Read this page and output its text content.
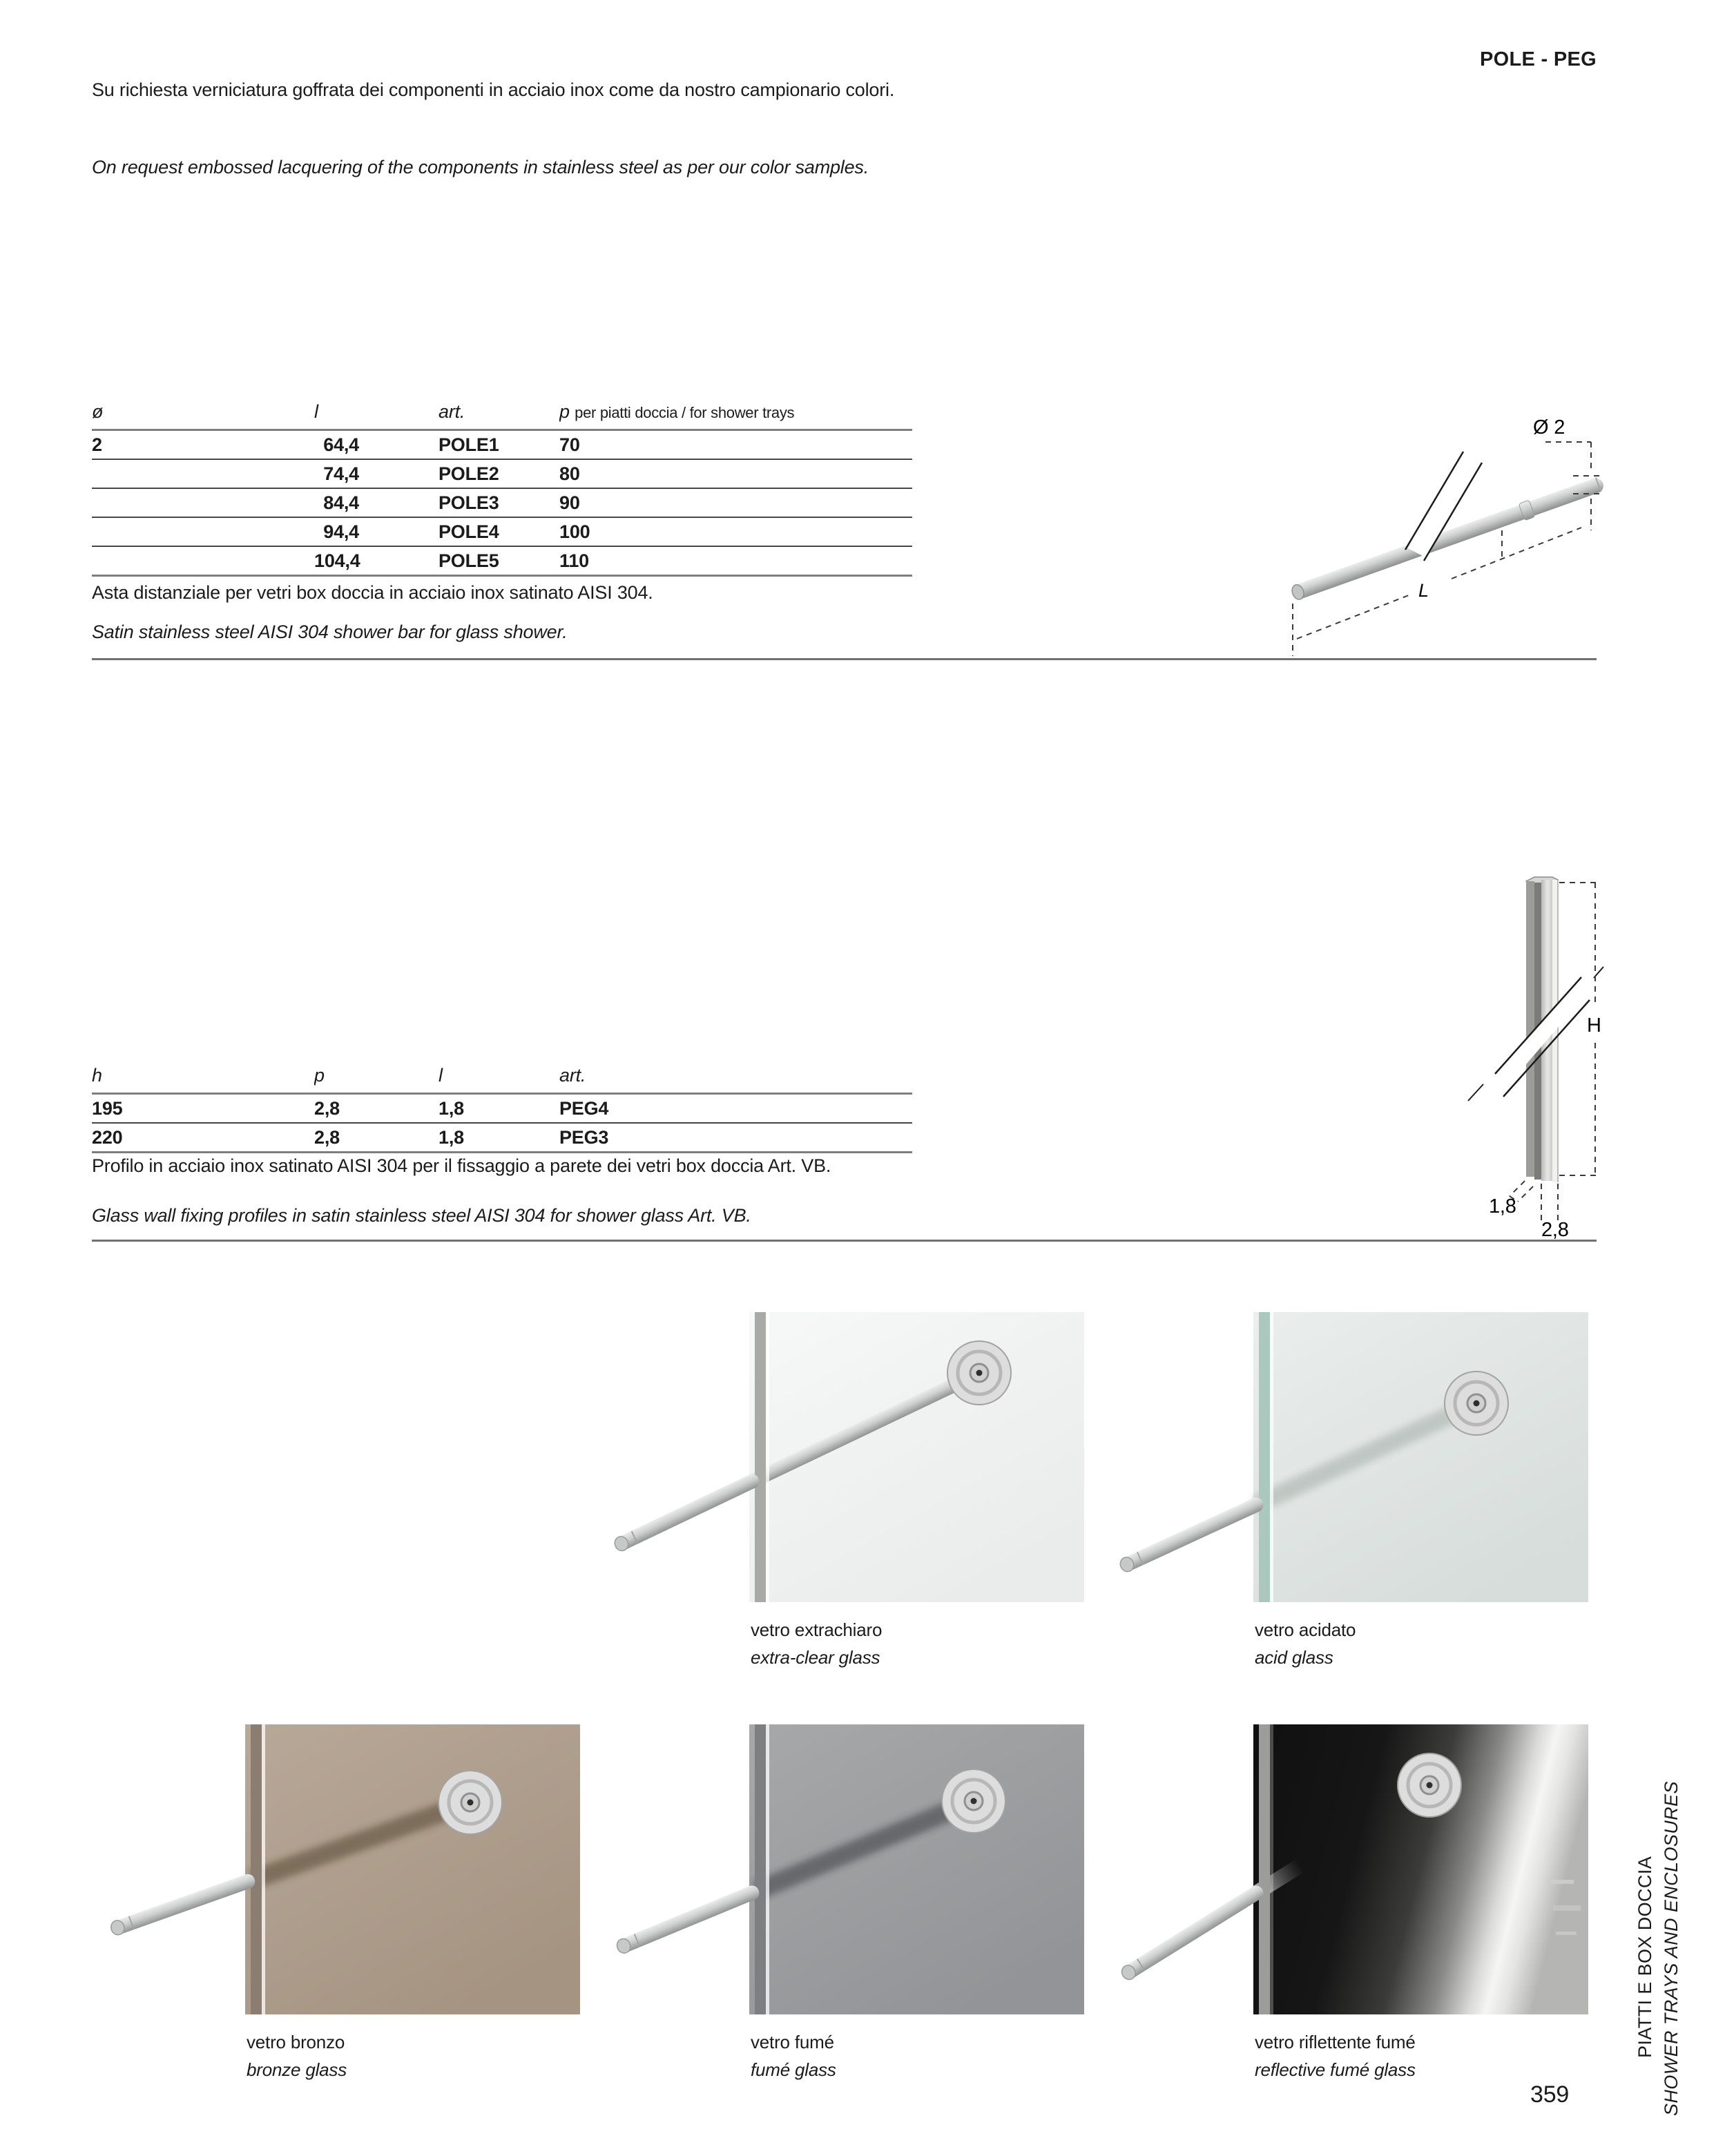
POLE - PEG
Su richiesta verniciatura goffrata dei componenti in acciaio inox come da nostro campionario colori.
On request embossed lacquering of the components in stainless steel as per our color samples.
ø	l	art.	p per piatti doccia / for shower trays
2	64,4	POLE1	70
	74,4	POLE2	80
	84,4	POLE3	90
	94,4	POLE4	100
	104,4	POLE5	110
Asta distanziale per vetri box doccia in acciaio inox satinato AISI 304.
Satin stainless steel AISI 304 shower bar for glass shower.
Ø 2
L
h	p	l	art.
195	2,8	1,8	PEG4
220	2,8	1,8	PEG3
Profilo in acciaio inox satinato AISI 304 per il fissaggio a parete dei vetri box doccia Art. VB.
Glass wall fixing profiles in satin stainless steel AISI 304 for shower glass Art. VB.
H
1,8
2,8
vetro extrachiaro
extra-clear glass
vetro acidato
acid glass
vetro bronzo
bronze glass
vetro fumé
fumé glass
vetro riflettente fumé
reflective fumé glass
PIATTI E BOX DOCCIA SHOWER TRAYS AND ENCLOSURES
359
